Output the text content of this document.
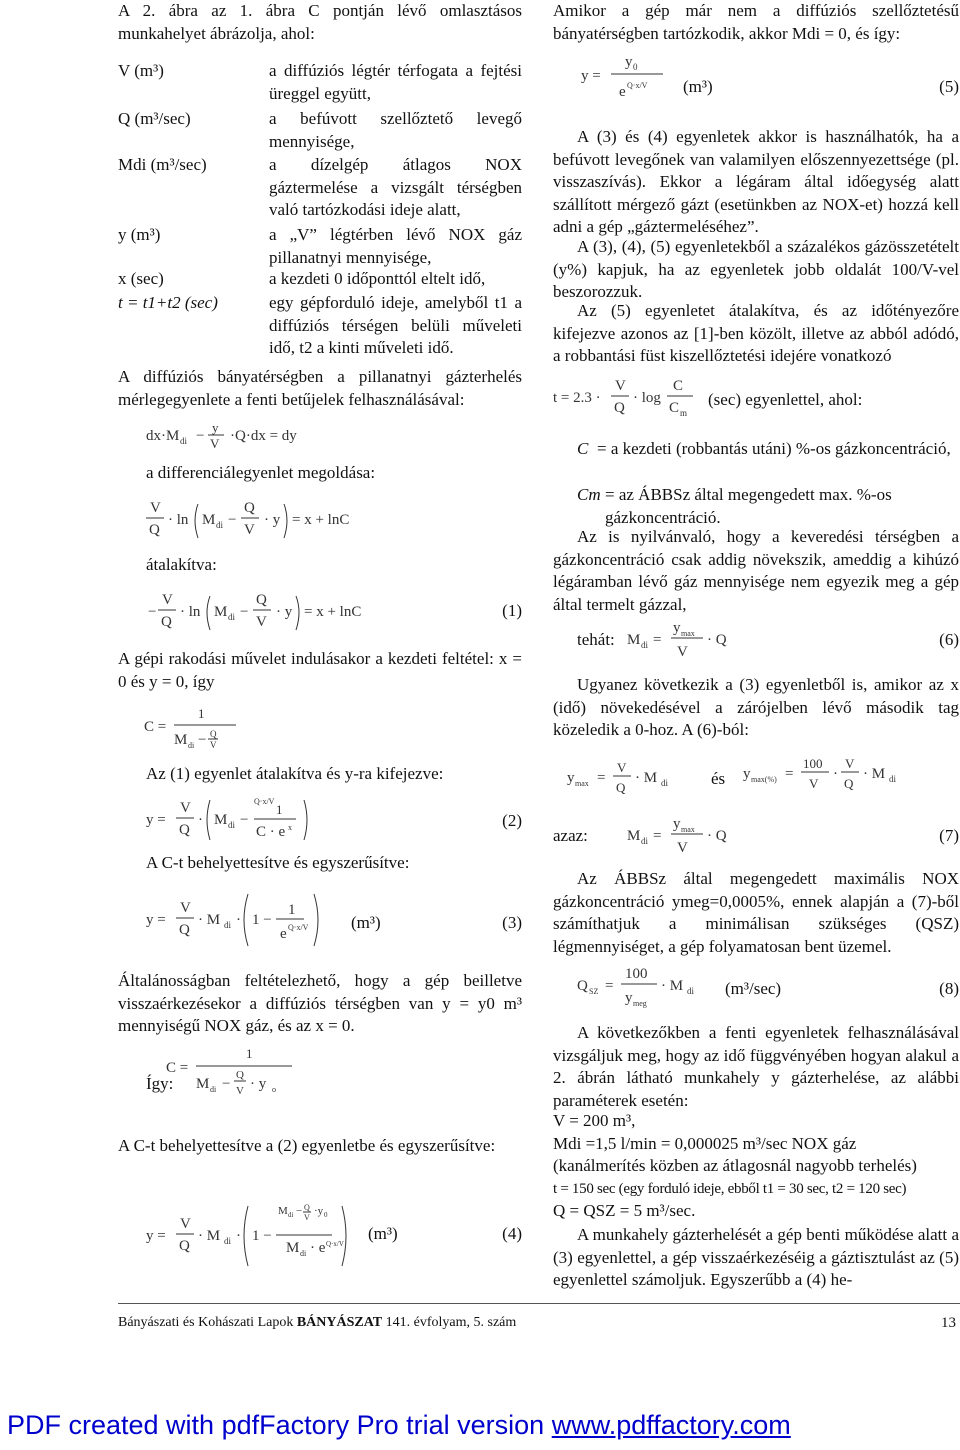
A 2. ábra az 1. ábra C pontján lévő omlasztásos munkahelyet ábrázolja, ahol:
V (m³)	a diffúziós légtér térfogata a fejtési üreggel együtt,
Q (m³/sec)	a befúvott szellőztető levegő mennyisége,
Mdi (m³/sec)	a dízelgép átlagos NOX gáztermelése a vizsgált térségben való tartózkodási ideje alatt,
y (m³)	a „V” légtérben lévő NOX gáz pillanatnyi mennyisége,
x (sec)	a kezdeti 0 időponttól eltelt idő,
t = t1+t2 (sec)	egy gépforduló ideje, amelyből t1 a diffúziós térségen belüli műveleti idő, t2 a kinti műveleti idő.
A diffúziós bányatérségben a pillanatnyi gázterhelés mérlegegyenlete a fenti betűjelek felhasználásával:
dx·M di −
y
V ·Q·dx = dy
a differenciálegyenlet megoldása:
V
Q
· ln M di −
Q
V
· y = x + lnC
átalakítva:
−
V
Q
· ln M di −
Q
V
· y = x + lnC	(1)
A gépi rakodási művelet indulásakor a kezdeti feltétel: x = 0 és y = 0, így
C =
1
M di − Q
V
Az (1) egyenlet átalakítva és y-ra kifejezve:
y =
V
Q
· M di −
Q·x/V
1
C · e x	(2)
A C-t behelyettesítve és egyszerűsítve:
y =
V
Q
· M di · 1 −
1
e Q·x/V	(m³)	(3)
Általánosságban feltételezhető, hogy a gép beilletve visszaérkezésekor a diffúziós térségben van y = y0 m³ mennyiségű NOX gáz, és az x = 0.
C =
1
M di −
Q
V · y o
Így:
A C-t behelyettesítve a (2) egyenletbe és egyszerűsítve:
y =
V
Q
· M di · 1 −
M di − Q
V
·y 0
M di · e Q·x/V
(m³)	(4)
Amikor a gép már nem a diffúziós szellőztetésű bányatérségben tartózkodik, akkor Mdi = 0, és így:
y =
y 0
e Q·x/V (m³)	(5)
A (3) és (4) egyenletek akkor is használhatók, ha a befúvott levegőnek van valamilyen előszennyezettsége (pl. visszaszívás). Ekkor a légáram által időegység alatt szállított mérgező gázt (esetünkben az NOX-et) hozzá kell adni a gép „gáztermeléséhez”.
A (3), (4), (5) egyenletekből a százalékos gázösszetételt (y%) kapjuk, ha az egyenletek jobb oldalát 100/V-vel beszorozzuk.
Az (5) egyenletet átalakítva, és az időtényezőre kifejezve azonos az [1]-ben közölt, illetve az abból adódó, a robbantási füst kiszellőztetési idejére vonatkozó
t = 2.3 ·
V
Q
· log
C
C m
(sec) egyenlettel, ahol:
C = a kezdeti (robbantás utáni) %-os gázkoncentráció,
Cm = az ÁBBSz által megengedett max. %-os gázkoncentráció.
Az is nyilvánvaló, hogy a keveredési térségben a gázkoncentráció csak addig növekszik, ameddig a kihúzó légáramban lévő gáz mennyisége nem egyezik meg a gép által termelt gázzal,
tehát: M di =
y max
V
· Q	(6)
Ugyanez következik a (3) egyenletből is, amikor az x (idő) növekedésével a zárójelben lévő második tag közeledik a 0-hoz. A (6)-ból:
y max =
V
Q
· M di	és y max(%) =
100
V
·
V
Q
· M di
azaz:	M di =
y max
V
· Q	(7)
Az ÁBBSz által megengedett maximális NOX gázkoncentráció ymeg=0,0005%, ennek alapján a (7)-ből számíthatjuk a minimálisan szükséges (QSZ) légmennyiséget, a gép folyamatosan bent üzemel.
Q SZ =
100
y meg
· M di (m³/sec)	(8)
A következőkben a fenti egyenletek felhasználásával vizsgáljuk meg, hogy az idő függvényében hogyan alakul a 2. ábrán látható munkahely y gázterhelése, az alábbi paraméterek esetén:
V = 200 m³,
Mdi =1,5 l/min = 0,000025 m³/sec NOX gáz
(kanálmerítés közben az átlagosnál nagyobb terhelés)
t = 150 sec (egy forduló ideje, ebből t1 = 30 sec, t2 = 120 sec)
Q = QSZ = 5 m³/sec.
A munkahely gázterhelését a gép benti működése alatt a (3) egyenlettel, a gép visszaérkezéséig a gáztisztulást az (5) egyenlettel számoljuk. Egyszerűbb a (4) he-
Bányászati és Kohászati Lapok BÁNYÁSZAT 141. évfolyam, 5. szám	13
PDF created with pdfFactory Pro trial version www.pdffactory.com
